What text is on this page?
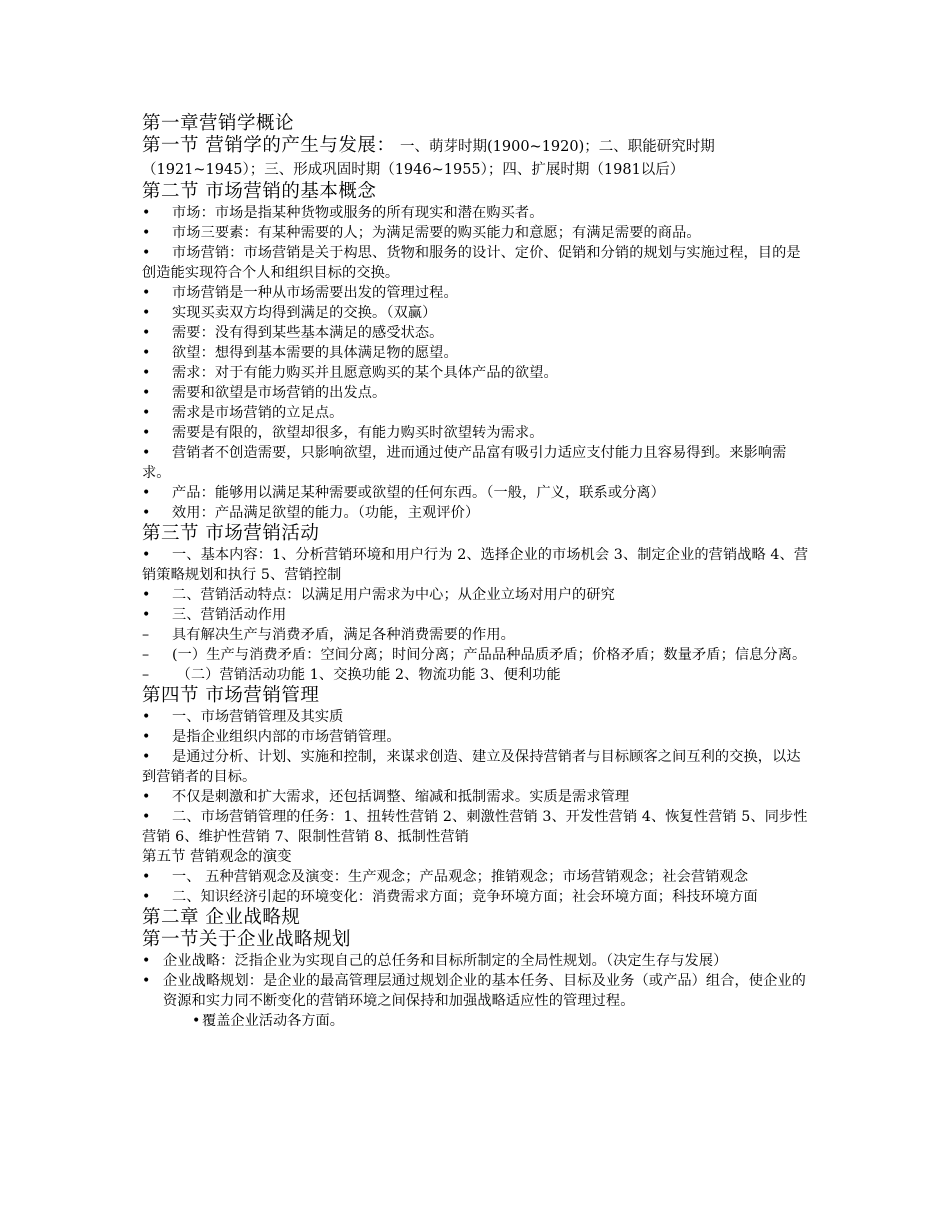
第一章营销学概论
第一节 营销学的产生与发展： 一、萌芽时期(1900~1920)；二、职能研究时期（1921~1945）；三、形成巩固时期（1946~1955）；四、扩展时期（1981以后）
第二节 市场营销的基本概念
• 市场：市场是指某种货物或服务的所有现实和潜在购买者。
• 市场三要素：有某种需要的人；为满足需要的购买能力和意愿；有满足需要的商品。
• 市场营销：市场营销是关于构思、货物和服务的设计、定价、促销和分销的规划与实施过程，目的是创造能实现符合个人和组织目标的交换。
• 市场营销是一种从市场需要出发的管理过程。
• 实现买卖双方均得到满足的交换。（双赢）
• 需要：没有得到某些基本满足的感受状态。
• 欲望：想得到基本需要的具体满足物的愿望。
• 需求：对于有能力购买并且愿意购买的某个具体产品的欲望。
• 需要和欲望是市场营销的出发点。
• 需求是市场营销的立足点。
• 需要是有限的，欲望却很多，有能力购买时欲望转为需求。
• 营销者不创造需要，只影响欲望，进而通过使产品富有吸引力适应支付能力且容易得到。来影响需求。
• 产品：能够用以满足某种需要或欲望的任何东西。（一般，广义，联系或分离）
• 效用：产品满足欲望的能力。（功能，主观评价）
第三节 市场营销活动
• 一、基本内容：1、分析营销环境和用户行为 2、选择企业的市场机会 3、制定企业的营销战略 4、营销策略规划和执行 5、营销控制
• 二、营销活动特点：以满足用户需求为中心；从企业立场对用户的研究
• 三、营销活动作用
– 具有解决生产与消费矛盾，满足各种消费需要的作用。
– (一）生产与消费矛盾：空间分离；时间分离；产品品种品质矛盾；价格矛盾；数量矛盾；信息分离。
– （二）营销活动功能 1、交换功能 2、物流功能 3、便利功能
第四节 市场营销管理
• 一、市场营销管理及其实质
• 是指企业组织内部的市场营销管理。
• 是通过分析、计划、实施和控制，来谋求创造、建立及保持营销者与目标顾客之间互利的交换，以达到营销者的目标。
• 不仅是刺激和扩大需求，还包括调整、缩减和抵制需求。实质是需求管理
• 二、市场营销管理的任务：1、扭转性营销 2、刺激性营销 3、开发性营销 4、恢复性营销 5、同步性营销 6、维护性营销 7、限制性营销 8、抵制性营销
第五节 营销观念的演变
• 一、 五种营销观念及演变：生产观念；产品观念；推销观念；市场营销观念；社会营销观念
• 二、知识经济引起的环境变化：消费需求方面；竞争环境方面；社会环境方面；科技环境方面
第二章 企业战略规
第一节关于企业战略规划
• 企业战略：泛指企业为实现自己的总任务和目标所制定的全局性规划。（决定生存与发展）
• 企业战略规划：是企业的最高管理层通过规划企业的基本任务、目标及业务（或产品）组合，使企业的资源和实力同不断变化的营销环境之间保持和加强战略适应性的管理过程。
• 覆盖企业活动各方面。
